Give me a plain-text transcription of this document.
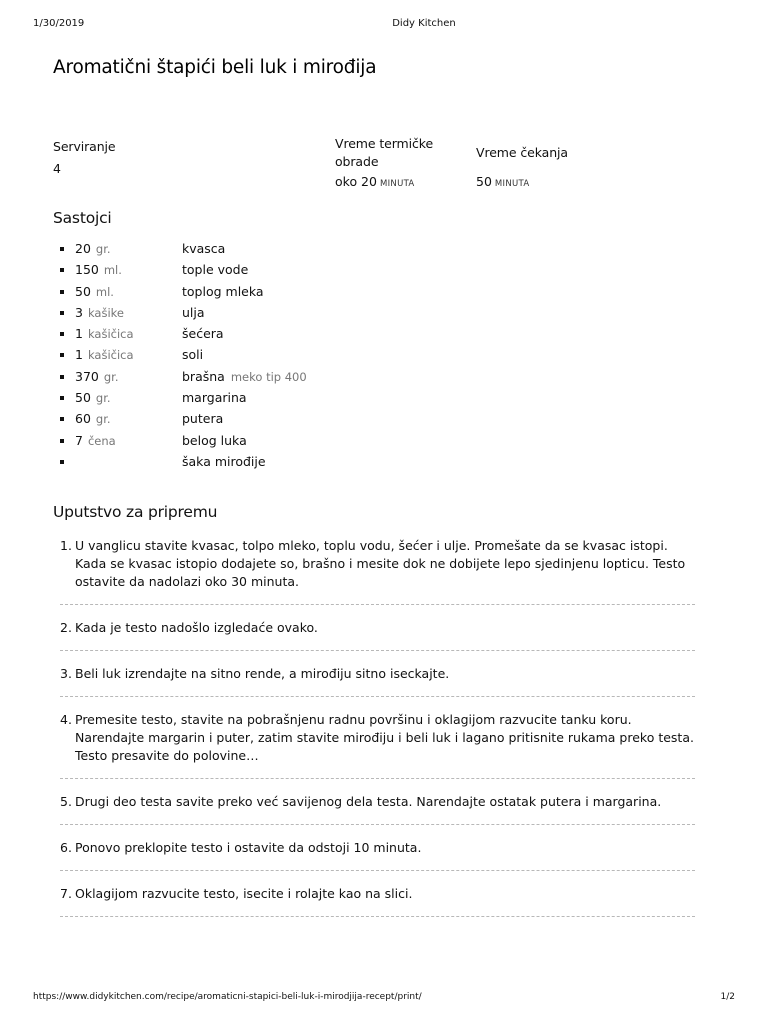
1/30/2019	Didy Kitchen
Aromatični štapići beli luk i mirođija
Serviranje
4
Vreme termičke obrade
oko 20 MINUTA
Vreme čekanja
50 MINUTA
Sastojci
20 gr.	kvasca
150 ml.	tople vode
50 ml.	toplog mleka
3 kašike	ulja
1 kašičica	šećera
1 kašičica	soli
370 gr.	brašna meko tip 400
50 gr.	margarina
60 gr.	putera
7 čena	belog luka
šaka mirođije
Uputstvo za pripremu
1. U vanglicu stavite kvasac, tolpo mleko, toplu vodu, šećer i ulje. Promešate da se kvasac istopi. Kada se kvasac istopio dodajete so, brašno i mesite dok ne dobijete lepo sjedinjenu lopticu. Testo ostavite da nadolazi oko 30 minuta.
2. Kada je testo nadošlo izgledaće ovako.
3. Beli luk izrendajte na sitno rende, a mirođiju sitno iseckajte.
4. Premesite testo, stavite na pobrašnjenu radnu površinu i oklagijom razvucite tanku koru. Narendajte margarin i puter, zatim stavite mirođiju i beli luk i lagano pritisnite rukama preko testa. Testo presavite do polovine…
5. Drugi deo testa savite preko već savijenog dela testa. Narendajte ostatak putera i margarina.
6. Ponovo preklopite testo i ostavite da odstoji 10 minuta.
7. Oklagijom razvucite testo, isecite i rolajte kao na slici.
https://www.didykitchen.com/recipe/aromaticni-stapici-beli-luk-i-mirodjija-recept/print/	1/2
